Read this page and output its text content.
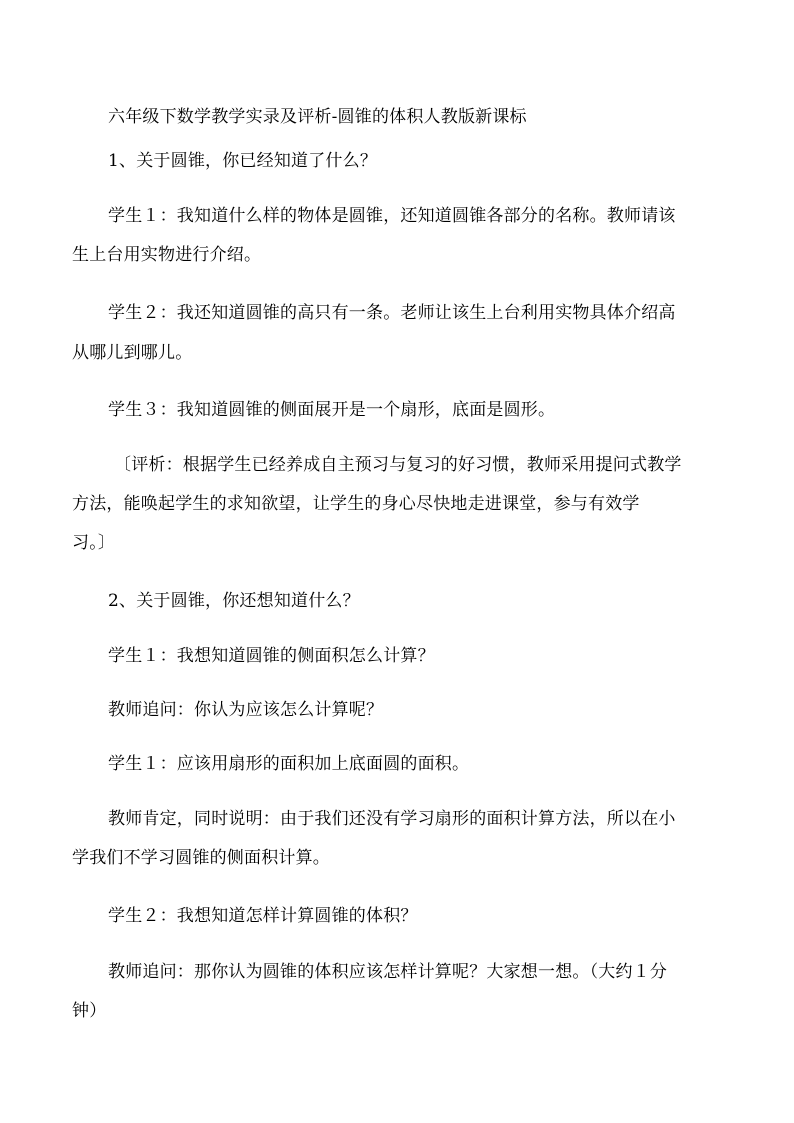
六年级下数学教学实录及评析-圆锥的体积人教版新课标
1、关于圆锥，你已经知道了什么？
学生１：我知道什么样的物体是圆锥，还知道圆锥各部分的名称。教师请该
生上台用实物进行介绍。
学生２：我还知道圆锥的高只有一条。老师让该生上台利用实物具体介绍高
从哪儿到哪儿。
学生３：我知道圆锥的侧面展开是一个扇形，底面是圆形。
〔评析：根据学生已经养成自主预习与复习的好习惯，教师采用提问式教学
方法，能唤起学生的求知欲望，让学生的身心尽快地走进课堂，参与有效学
习。〕
2、关于圆锥，你还想知道什么？
学生１：我想知道圆锥的侧面积怎么计算？
教师追问：你认为应该怎么计算呢？
学生１：应该用扇形的面积加上底面圆的面积。
教师肯定，同时说明：由于我们还没有学习扇形的面积计算方法，所以在小
学我们不学习圆锥的侧面积计算。
学生２：我想知道怎样计算圆锥的体积？
教师追问：那你认为圆锥的体积应该怎样计算呢？大家想一想。（大约１分
钟）
